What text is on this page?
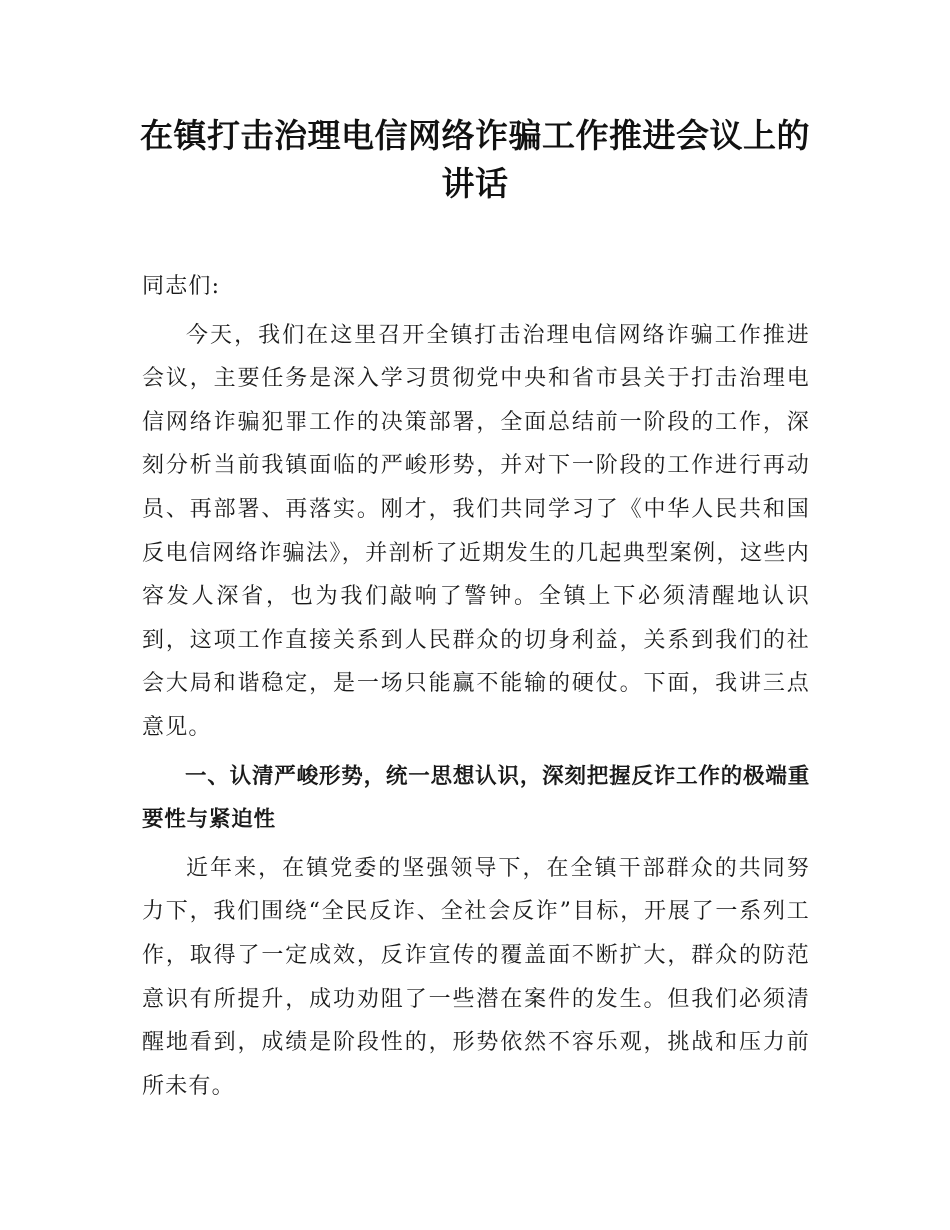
在镇打击治理电信网络诈骗工作推进会议上的讲话

同志们:

今天，我们在这里召开全镇打击治理电信网络诈骗工作推进会议，主要任务是深入学习贯彻党中央和省市县关于打击治理电信网络诈骗犯罪工作的决策部署，全面总结前一阶段的工作，深刻分析当前我镇面临的严峻形势，并对下一阶段的工作进行再动员、再部署、再落实。刚才，我们共同学习了《中华人民共和国反电信网络诈骗法》，并剖析了近期发生的几起典型案例，这些内容发人深省，也为我们敲响了警钟。全镇上下必须清醒地认识到，这项工作直接关系到人民群众的切身利益，关系到我们的社会大局和谐稳定，是一场只能赢不能输的硬仗。下面，我讲三点意见。

一、认清严峻形势，统一思想认识，深刻把握反诈工作的极端重要性与紧迫性

近年来，在镇党委的坚强领导下，在全镇干部群众的共同努力下，我们围绕“全民反诈、全社会反诈”目标，开展了一系列工作，取得了一定成效，反诈宣传的覆盖面不断扩大，群众的防范意识有所提升，成功劝阻了一些潜在案件的发生。但我们必须清醒地看到，成绩是阶段性的，形势依然不容乐观，挑战和压力前所未有。
